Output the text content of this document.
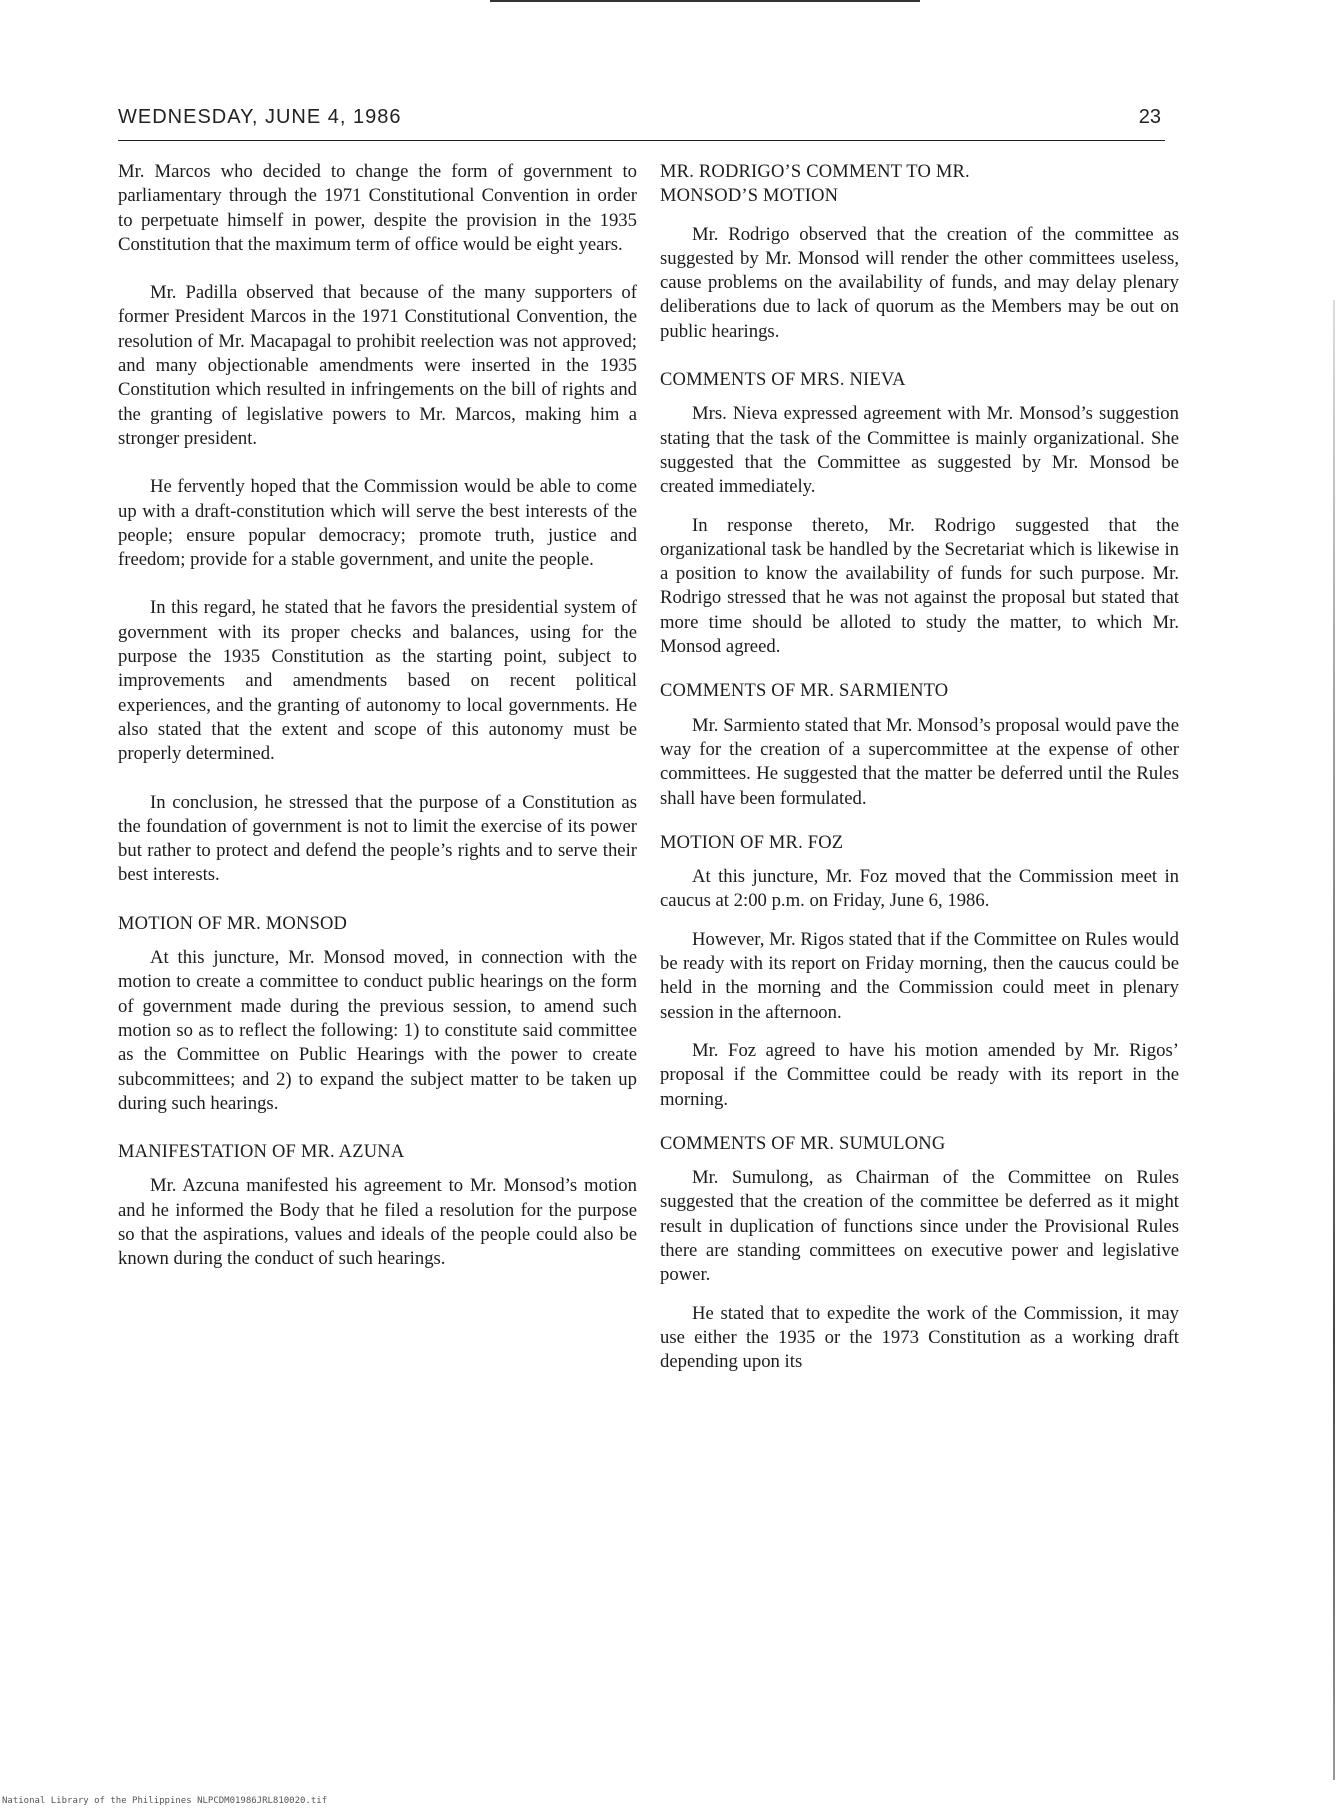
WEDNESDAY, JUNE 4, 1986	23

Mr. Marcos who decided to change the form of government to parliamentary through the 1971 Constitutional Convention in order to perpetuate himself in power, despite the provision in the 1935 Constitution that the maximum term of office would be eight years.

Mr. Padilla observed that because of the many supporters of former President Marcos in the 1971 Constitutional Convention, the resolution of Mr. Macapagal to prohibit reelection was not approved; and many objectionable amendments were inserted in the 1935 Constitution which resulted in infringements on the bill of rights and the granting of legislative powers to Mr. Marcos, making him a stronger president.

He fervently hoped that the Commission would be able to come up with a draft-constitution which will serve the best interests of the people; ensure popular democracy; promote truth, justice and freedom; provide for a stable government, and unite the people.

In this regard, he stated that he favors the presidential system of government with its proper checks and balances, using for the purpose the 1935 Constitution as the starting point, subject to improvements and amendments based on recent political experiences, and the granting of autonomy to local governments. He also stated that the extent and scope of this autonomy must be properly determined.

In conclusion, he stressed that the purpose of a Constitution as the foundation of government is not to limit the exercise of its power but rather to protect and defend the people’s rights and to serve their best interests.

MOTION OF MR. MONSOD

At this juncture, Mr. Monsod moved, in connection with the motion to create a committee to conduct public hearings on the form of government made during the previous session, to amend such motion so as to reflect the following: 1) to constitute said committee as the Committee on Public Hearings with the power to create subcommittees; and 2) to expand the subject matter to be taken up during such hearings.

MANIFESTATION OF MR. AZUNA

Mr. Azcuna manifested his agreement to Mr. Monsod’s motion and he informed the Body that he filed a resolution for the purpose so that the aspirations, values and ideals of the people could also be known during the conduct of such hearings.

MR. RODRIGO’S COMMENT TO MR. MONSOD’S MOTION

Mr. Rodrigo observed that the creation of the committee as suggested by Mr. Monsod will render the other committees useless, cause problems on the availability of funds, and may delay plenary deliberations due to lack of quorum as the Members may be out on public hearings.

COMMENTS OF MRS. NIEVA

Mrs. Nieva expressed agreement with Mr. Monsod’s suggestion stating that the task of the Committee is mainly organizational. She suggested that the Committee as suggested by Mr. Monsod be created immediately.

In response thereto, Mr. Rodrigo suggested that the organizational task be handled by the Secretariat which is likewise in a position to know the availability of funds for such purpose. Mr. Rodrigo stressed that he was not against the proposal but stated that more time should be alloted to study the matter, to which Mr. Monsod agreed.

COMMENTS OF MR. SARMIENTO

Mr. Sarmiento stated that Mr. Monsod’s proposal would pave the way for the creation of a supercommittee at the expense of other committees. He suggested that the matter be deferred until the Rules shall have been formulated.

MOTION OF MR. FOZ

At this juncture, Mr. Foz moved that the Commission meet in caucus at 2:00 p.m. on Friday, June 6, 1986.

However, Mr. Rigos stated that if the Committee on Rules would be ready with its report on Friday morning, then the caucus could be held in the morning and the Commission could meet in plenary session in the afternoon.

Mr. Foz agreed to have his motion amended by Mr. Rigos’ proposal if the Committee could be ready with its report in the morning.

COMMENTS OF MR. SUMULONG

Mr. Sumulong, as Chairman of the Committee on Rules suggested that the creation of the committee be deferred as it might result in duplication of functions since under the Provisional Rules there are standing committees on executive power and legislative power.

He stated that to expedite the work of the Commission, it may use either the 1935 or the 1973 Constitution as a working draft depending upon its

National Library of the Philippines NLPCDM01986JRL810020.tif
